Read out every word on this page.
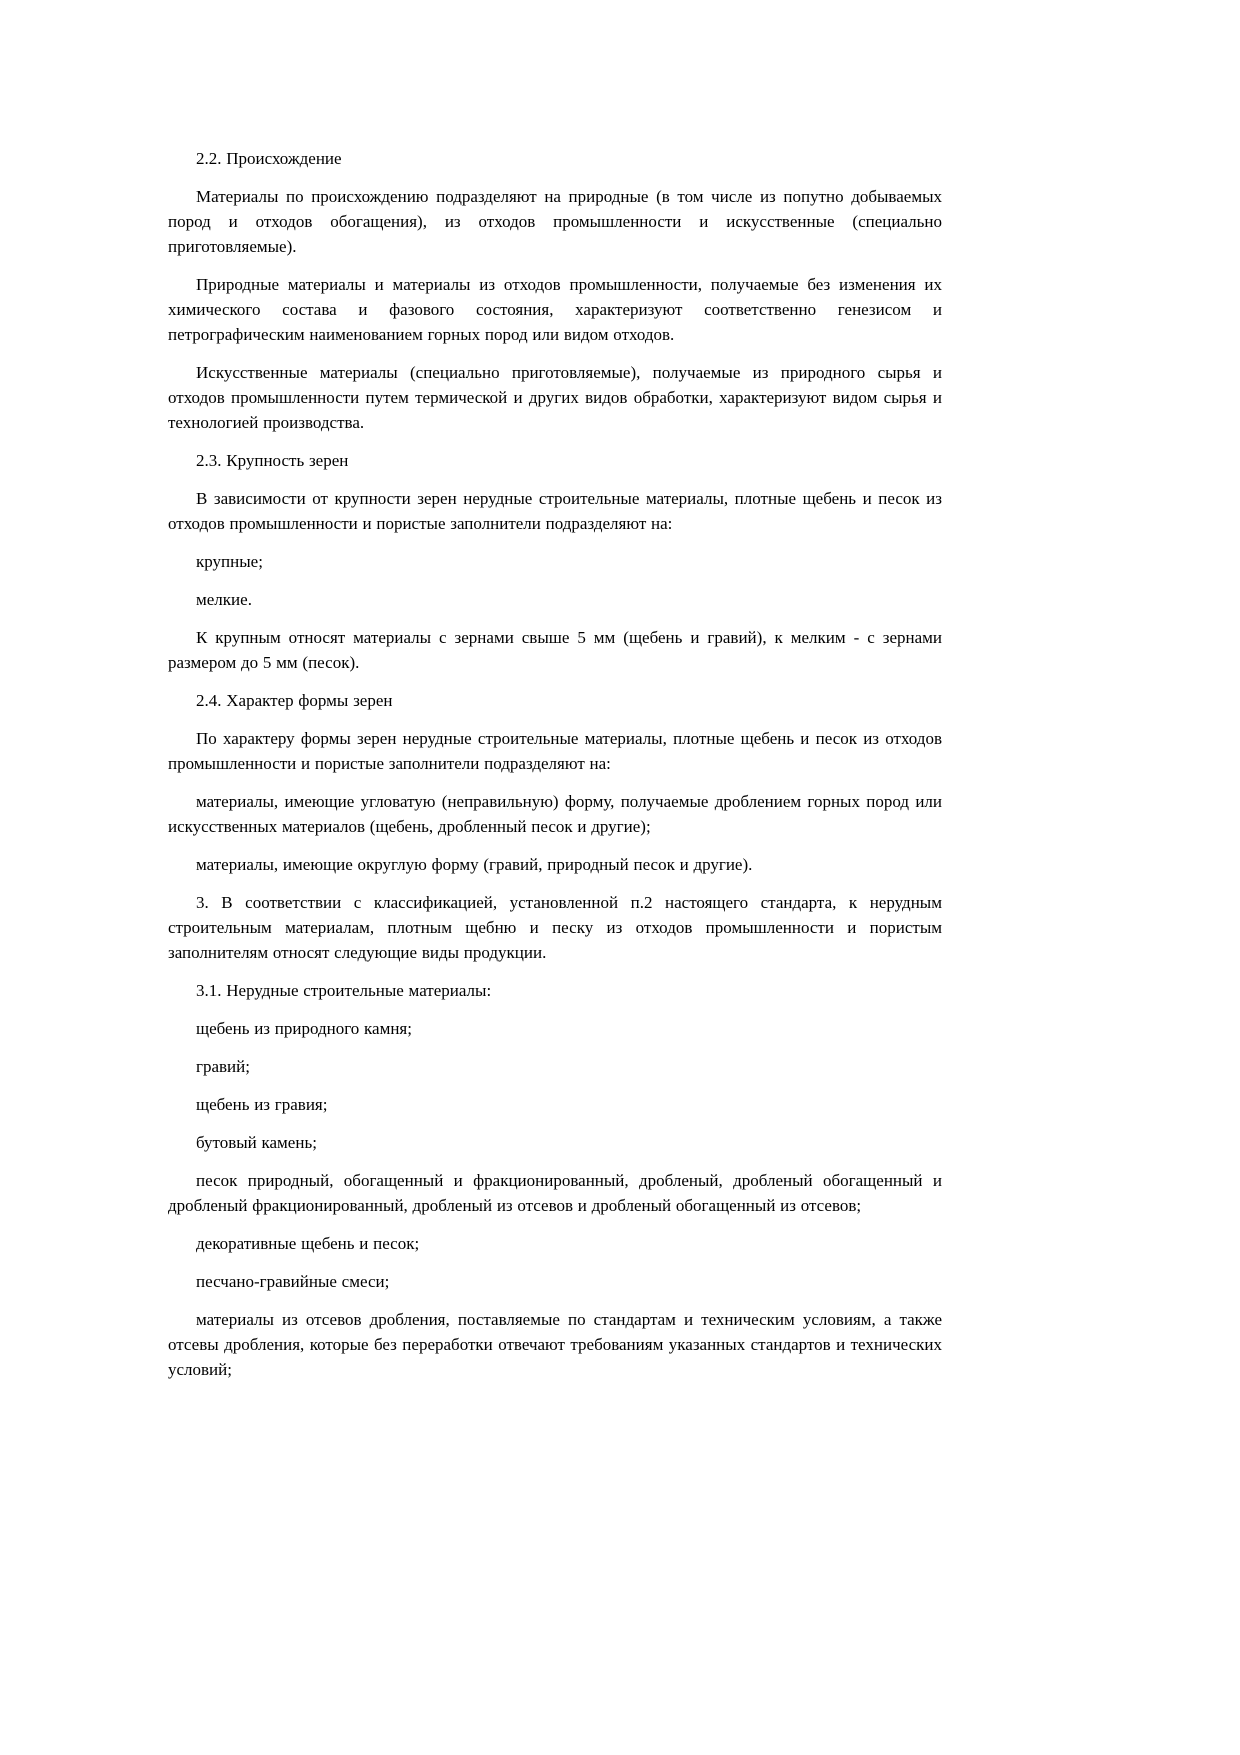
2.2. Происхождение

Материалы по происхождению подразделяют на природные (в том числе из попутно добываемых пород и отходов обогащения), из отходов промышленности и искусственные (специально приготовляемые).

Природные материалы и материалы из отходов промышленности, получаемые без изменения их химического состава и фазового состояния, характеризуют соответственно генезисом и петрографическим наименованием горных пород или видом отходов.

Искусственные материалы (специально приготовляемые), получаемые из природного сырья и отходов промышленности путем термической и других видов обработки, характеризуют видом сырья и технологией производства.

2.3. Крупность зерен

В зависимости от крупности зерен нерудные строительные материалы, плотные щебень и песок из отходов промышленности и пористые заполнители подразделяют на:

крупные;

мелкие.

К крупным относят материалы с зернами свыше 5 мм (щебень и гравий), к мелким - с зернами размером до 5 мм (песок).

2.4. Характер формы зерен

По характеру формы зерен нерудные строительные материалы, плотные щебень и песок из отходов промышленности и пористые заполнители подразделяют на:

материалы, имеющие угловатую (неправильную) форму, получаемые дроблением горных пород или искусственных материалов (щебень, дробленный песок и другие);

материалы, имеющие округлую форму (гравий, природный песок и другие).

3. В соответствии с классификацией, установленной п.2 настоящего стандарта, к нерудным строительным материалам, плотным щебню и песку из отходов промышленности и пористым заполнителям относят следующие виды продукции.

3.1. Нерудные строительные материалы:

щебень из природного камня;

гравий;

щебень из гравия;

бутовый камень;

песок природный, обогащенный и фракционированный, дробленый, дробленый обогащенный и дробленый фракционированный, дробленый из отсевов и дробленый обогащенный из отсевов;

декоративные щебень и песок;

песчано-гравийные смеси;

материалы из отсевов дробления, поставляемые по стандартам и техническим условиям, а также отсевы дробления, которые без переработки отвечают требованиям указанных стандартов и технических условий;
